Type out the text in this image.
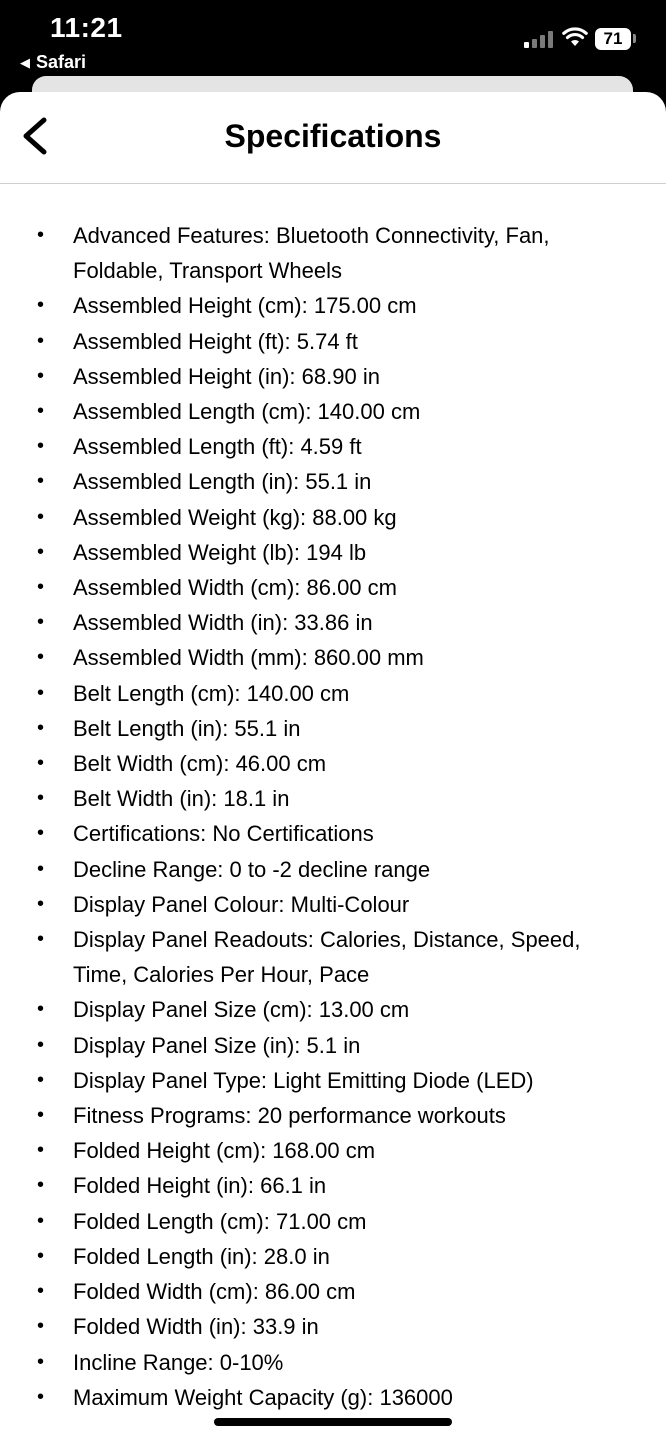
11:21
◀ Safari
71
Specifications
• Advanced Features: Bluetooth Connectivity, Fan, Foldable, Transport Wheels
• Assembled Height (cm): 175.00 cm
• Assembled Height (ft): 5.74 ft
• Assembled Height (in): 68.90 in
• Assembled Length (cm): 140.00 cm
• Assembled Length (ft): 4.59 ft
• Assembled Length (in): 55.1 in
• Assembled Weight (kg): 88.00 kg
• Assembled Weight (lb): 194 lb
• Assembled Width (cm): 86.00 cm
• Assembled Width (in): 33.86 in
• Assembled Width (mm): 860.00 mm
• Belt Length (cm): 140.00 cm
• Belt Length (in): 55.1 in
• Belt Width (cm): 46.00 cm
• Belt Width (in): 18.1 in
• Certifications: No Certifications
• Decline Range: 0 to -2 decline range
• Display Panel Colour: Multi-Colour
• Display Panel Readouts: Calories, Distance, Speed, Time, Calories Per Hour, Pace
• Display Panel Size (cm): 13.00 cm
• Display Panel Size (in): 5.1 in
• Display Panel Type: Light Emitting Diode (LED)
• Fitness Programs: 20 performance workouts
• Folded Height (cm): 168.00 cm
• Folded Height (in): 66.1 in
• Folded Length (cm): 71.00 cm
• Folded Length (in): 28.0 in
• Folded Width (cm): 86.00 cm
• Folded Width (in): 33.9 in
• Incline Range: 0-10%
• Maximum Weight Capacity (g): 136000
